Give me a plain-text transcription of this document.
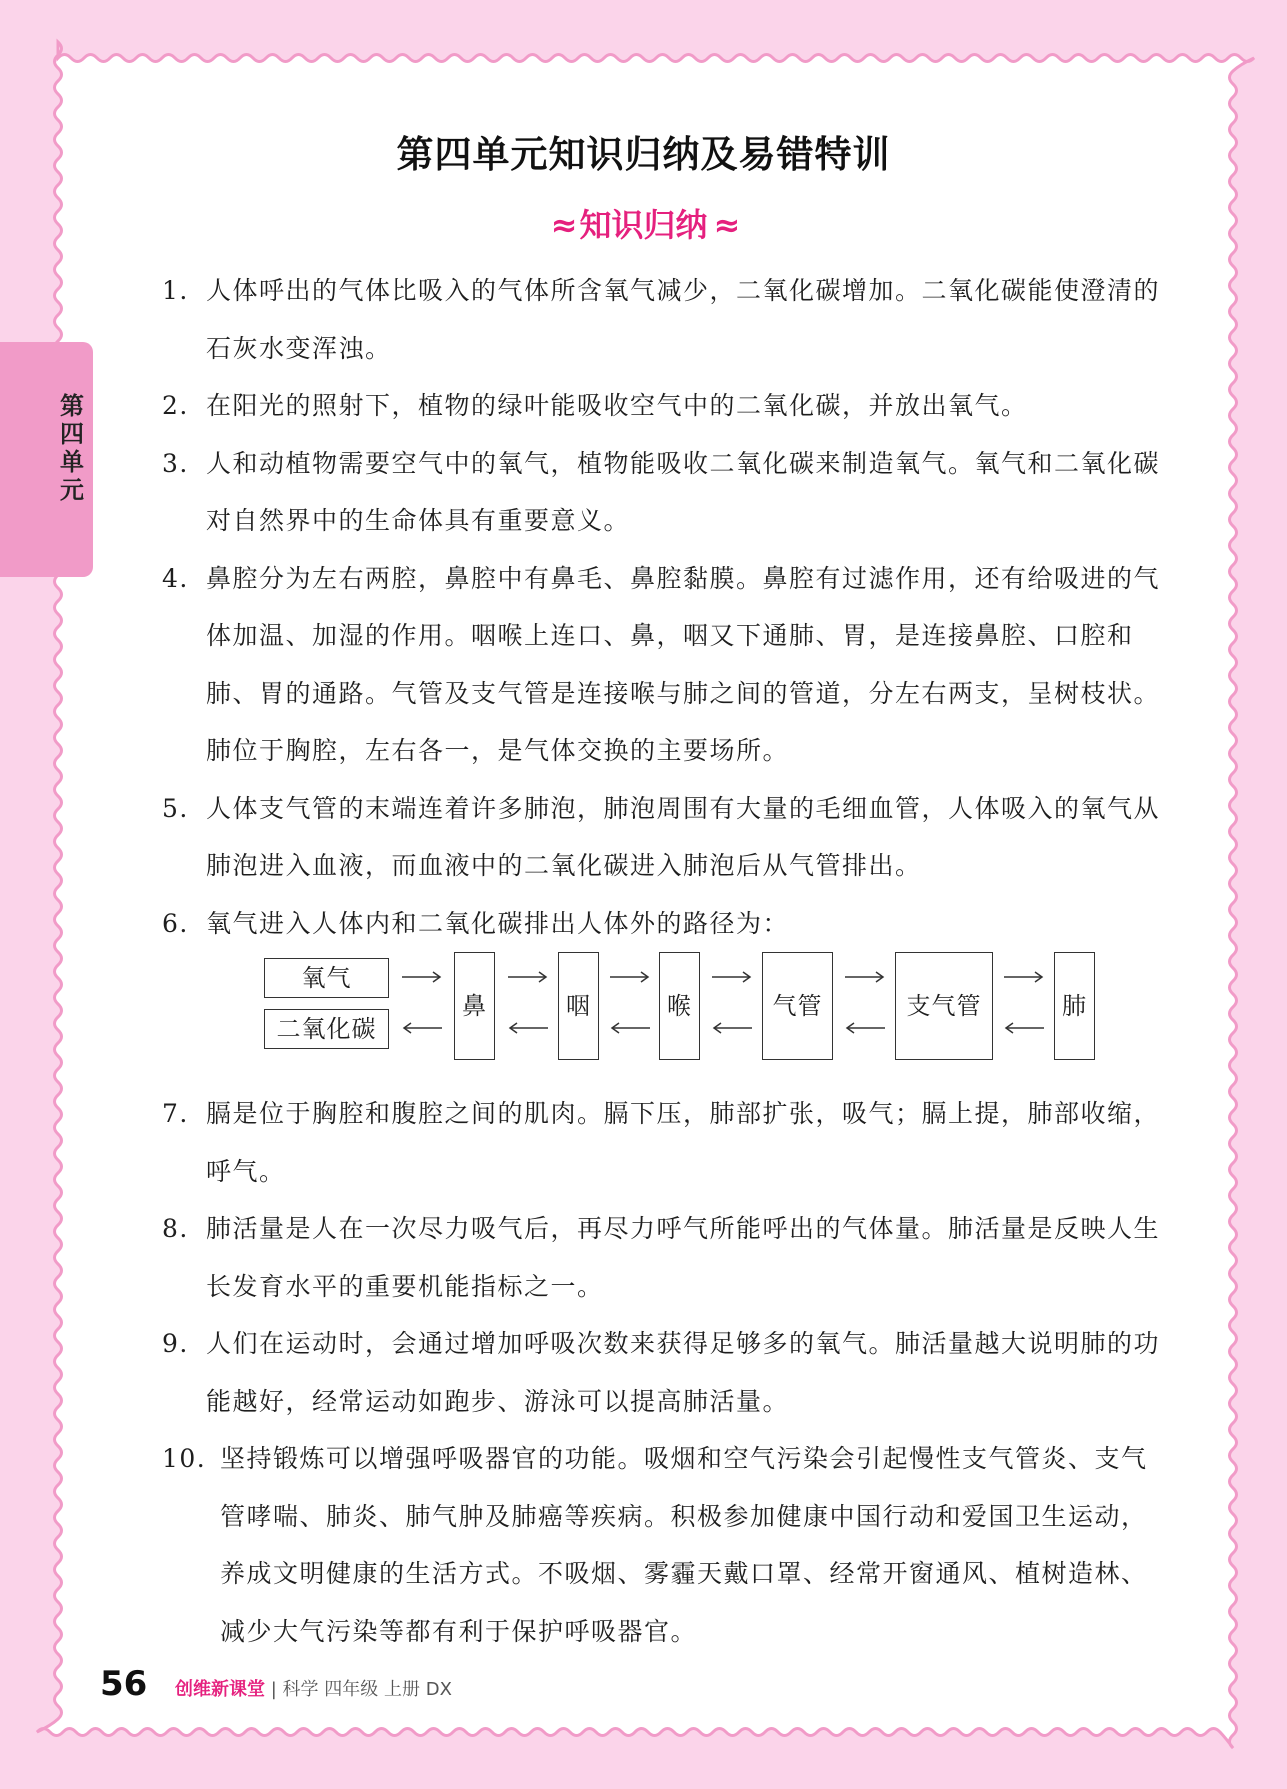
第
四
单
元
第四单元知识归纳及易错特训
≈ 知识归纳 ≈
1. 人体呼出的气体比吸入的气体所含氧气减少，二氧化碳增加。二氧化碳能使澄清的石灰水变浑浊。
2. 在阳光的照射下，植物的绿叶能吸收空气中的二氧化碳，并放出氧气。
3. 人和动植物需要空气中的氧气，植物能吸收二氧化碳来制造氧气。氧气和二氧化碳对自然界中的生命体具有重要意义。
4. 鼻腔分为左右两腔，鼻腔中有鼻毛、鼻腔黏膜。鼻腔有过滤作用，还有给吸进的气体加温、加湿的作用。咽喉上连口、鼻，咽又下通肺、胃，是连接鼻腔、口腔和肺、胃的通路。气管及支气管是连接喉与肺之间的管道，分左右两支，呈树枝状。肺位于胸腔，左右各一，是气体交换的主要场所。
5. 人体支气管的末端连着许多肺泡，肺泡周围有大量的毛细血管，人体吸入的氧气从肺泡进入血液，而血液中的二氧化碳进入肺泡后从气管排出。
6. 氧气进入人体内和二氧化碳排出人体外的路径为：
氧气
二氧化碳
鼻	咽	喉	气管	支气管	肺
7. 膈是位于胸腔和腹腔之间的肌肉。膈下压，肺部扩张，吸气；膈上提，肺部收缩，呼气。
8. 肺活量是人在一次尽力吸气后，再尽力呼气所能呼出的气体量。肺活量是反映人生长发育水平的重要机能指标之一。
9. 人们在运动时，会通过增加呼吸次数来获得足够多的氧气。肺活量越大说明肺的功能越好，经常运动如跑步、游泳可以提高肺活量。
10. 坚持锻炼可以增强呼吸器官的功能。吸烟和空气污染会引起慢性支气管炎、支气管哮喘、肺炎、肺气肿及肺癌等疾病。积极参加健康中国行动和爱国卫生运动，养成文明健康的生活方式。不吸烟、雾霾天戴口罩、经常开窗通风、植树造林、减少大气污染等都有利于保护呼吸器官。
56 创维新课堂 | 科学 四年级 上册 DX
